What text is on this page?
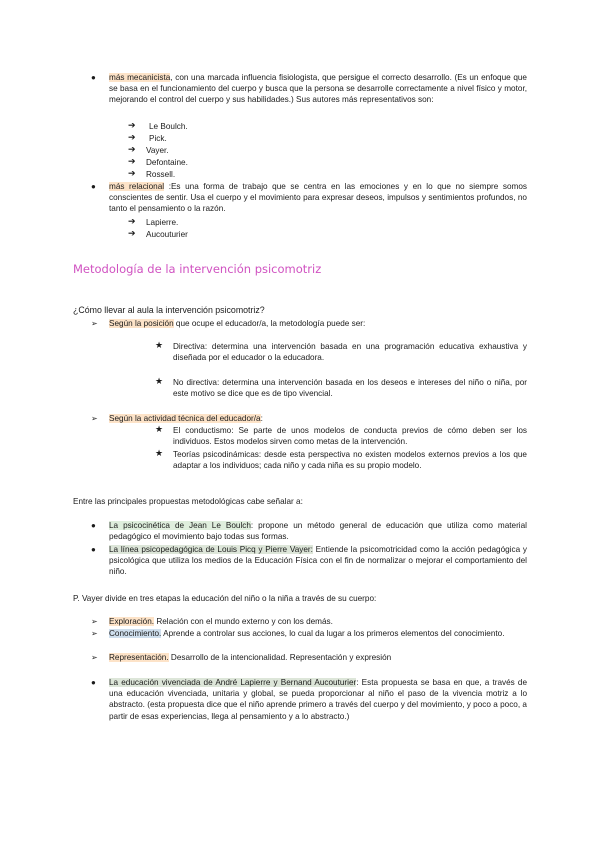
● más mecanicista, con una marcada influencia fisiologista, que persigue el correcto desarrollo. (Es un enfoque que se basa en el funcionamiento del cuerpo y busca que la persona se desarrolle correctamente a nivel físico y motor, mejorando el control del cuerpo y sus habilidades.) Sus autores más representativos son:
➔ Le Boulch.
➔ Pick.
➔ Vayer.
➔ Defontaine.
➔ Rossell.
● más relacional :Es una forma de trabajo que se centra en las emociones y en lo que no siempre somos conscientes de sentir. Usa el cuerpo y el movimiento para expresar deseos, impulsos y sentimientos profundos, no tanto el pensamiento o la razón.
➔ Lapierre.
➔ Aucouturier
Metodología de la intervención psicomotriz
¿Cómo llevar al aula la intervención psicomotriz?
➢ Según la posición que ocupe el educador/a, la metodología puede ser:
★ Directiva: determina una intervención basada en una programación educativa exhaustiva y diseñada por el educador o la educadora.
★ No directiva: determina una intervención basada en los deseos e intereses del niño o niña, por este motivo se dice que es de tipo vivencial.
➢ Según la actividad técnica del educador/a:
★ El conductismo: Se parte de unos modelos de conducta previos de cómo deben ser los individuos. Estos modelos sirven como metas de la intervención.
★ Teorías psicodinámicas: desde esta perspectiva no existen modelos externos previos a los que adaptar a los individuos; cada niño y cada niña es su propio modelo.
Entre las principales propuestas metodológicas cabe señalar a:
● La psicocinética de Jean Le Boulch: propone un método general de educación que utiliza como material pedagógico el movimiento bajo todas sus formas.
● La línea psicopedagógica de Louis Picq y Pierre Vayer: Entiende la psicomotricidad como la acción pedagógica y psicológica que utiliza los medios de la Educación Física con el fin de normalizar o mejorar el comportamiento del niño.
P. Vayer divide en tres etapas la educación del niño o la niña a través de su cuerpo:
➢ Exploración. Relación con el mundo externo y con los demás.
➢ Conocimiento. Aprende a controlar sus acciones, lo cual da lugar a los primeros elementos del conocimiento.
➢ Representación. Desarrollo de la intencionalidad. Representación y expresión
● La educación vivenciada de André Lapierre y Bernand Aucouturier: Esta propuesta se basa en que, a través de una educación vivenciada, unitaria y global, se pueda proporcionar al niño el paso de la vivencia motriz a lo abstracto. (esta propuesta dice que el niño aprende primero a través del cuerpo y del movimiento, y poco a poco, a partir de esas experiencias, llega al pensamiento y a lo abstracto.)
